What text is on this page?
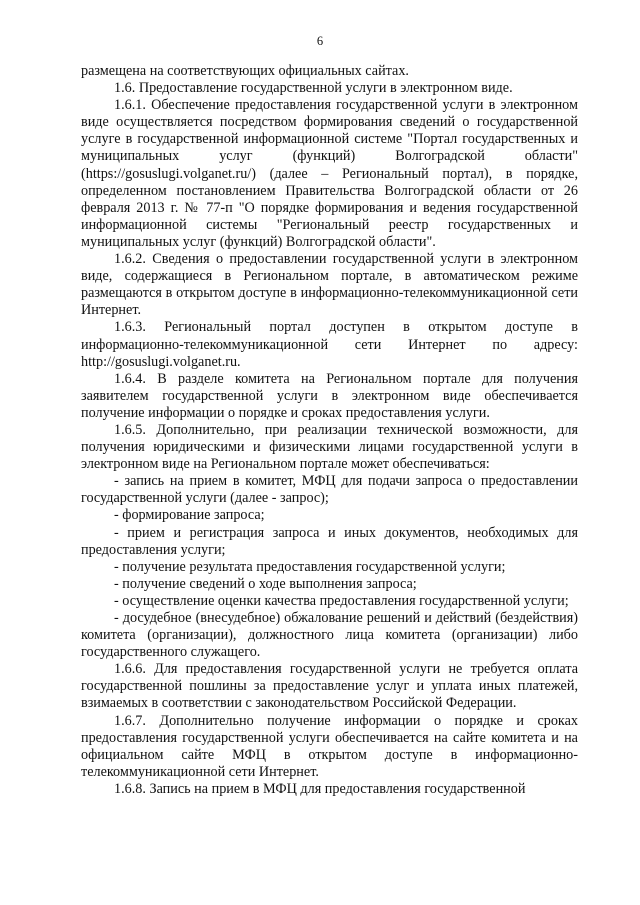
6

размещена на соответствующих официальных сайтах.

1.6. Предоставление государственной услуги в электронном виде.

1.6.1. Обеспечение предоставления государственной услуги в электронном виде осуществляется посредством формирования сведений о государственной услуге в государственной информационной системе "Портал государственных и муниципальных услуг (функций) Волгоградской области" (https://gosuslugi.volganet.ru/) (далее – Региональный портал), в порядке, определенном постановлением Правительства Волгоградской области от 26 февраля 2013 г. № 77-п "О порядке формирования и ведения государственной информационной системы "Региональный реестр государственных и муниципальных услуг (функций) Волгоградской области".

1.6.2. Сведения о предоставлении государственной услуги в электронном виде, содержащиеся в Региональном портале, в автоматическом режиме размещаются в открытом доступе в информационно-телекоммуникационной сети Интернет.

1.6.3. Региональный портал доступен в открытом доступе в информационно-телекоммуникационной сети Интернет по адресу: http://gosuslugi.volganet.ru.

1.6.4. В разделе комитета на Региональном портале для получения заявителем государственной услуги в электронном виде обеспечивается получение информации о порядке и сроках предоставления услуги.

1.6.5. Дополнительно, при реализации технической возможности, для получения юридическими и физическими лицами государственной услуги в электронном виде на Региональном портале может обеспечиваться:

- запись на прием в комитет, МФЦ для подачи запроса о предоставлении государственной услуги (далее - запрос);

- формирование запроса;

- прием и регистрация запроса и иных документов, необходимых для предоставления услуги;

- получение результата предоставления государственной услуги;

- получение сведений о ходе выполнения запроса;

- осуществление оценки качества предоставления государственной услуги;

- досудебное (внесудебное) обжалование решений и действий (бездействия) комитета (организации), должностного лица комитета (организации) либо государственного служащего.

1.6.6. Для предоставления государственной услуги не требуется оплата государственной пошлины за предоставление услуг и уплата иных платежей, взимаемых в соответствии с законодательством Российской Федерации.

1.6.7. Дополнительно получение информации о порядке и сроках предоставления государственной услуги обеспечивается на сайте комитета и на официальном сайте МФЦ в открытом доступе в информационно-телекоммуникационной сети Интернет.

1.6.8. Запись на прием в МФЦ для предоставления государственной
